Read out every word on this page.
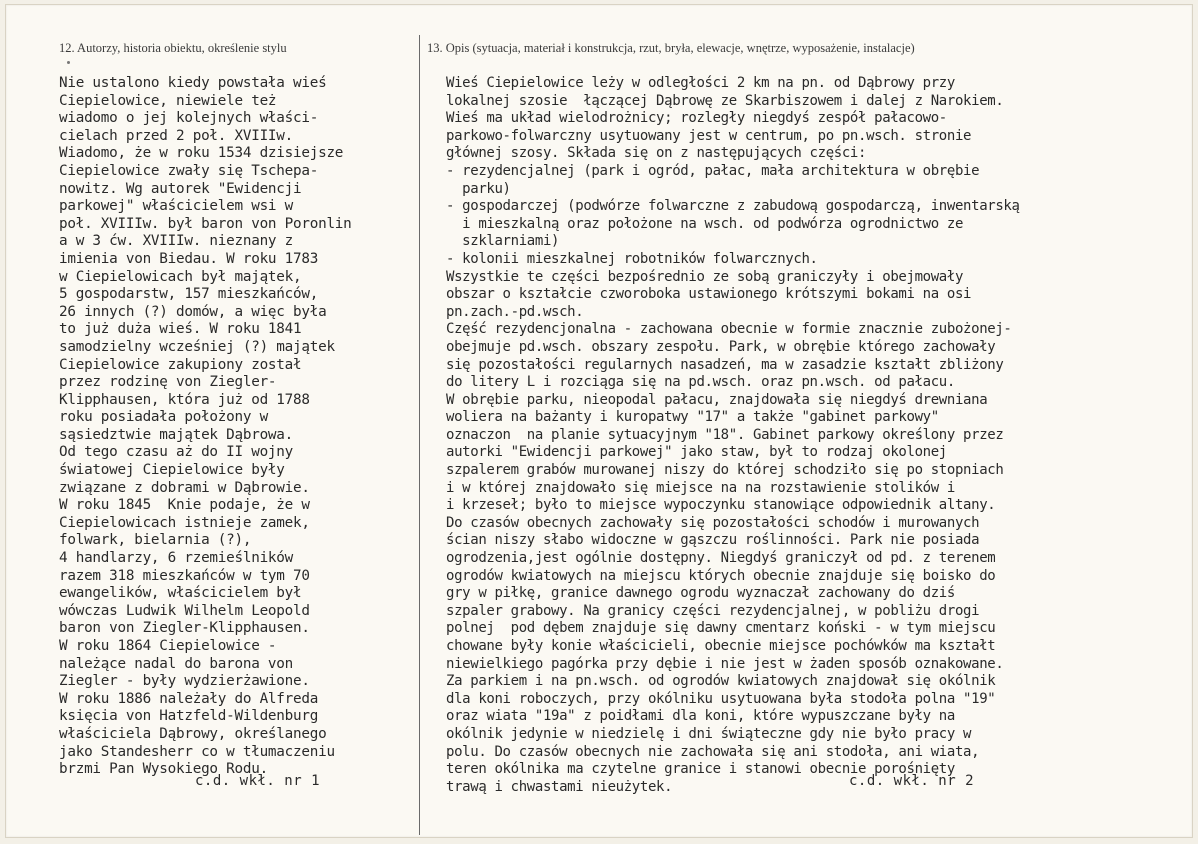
12. Autorzy, historia obiektu, określenie stylu	13. Opis (sytuacja, materiał i konstrukcja, rzut, bryła, elewacje, wnętrze, wyposażenie, instalacje)
Nie ustalono kiedy powstała wieś
Ciepielowice, niewiele też
wiadomo o jej kolejnych właści-
cielach przed 2 poł. XVIIIw.
Wiadomo, że w roku 1534 dzisiejsze
Ciepielowice zwały się Tschepa-
nowitz. Wg autorek "Ewidencji
parkowej" właścicielem wsi w
poł. XVIIIw. był baron von Poronlin
a w 3 ćw. XVIIIw. nieznany z
imienia von Biedau. W roku 1783
w Ciepielowicach był majątek,
5 gospodarstw, 157 mieszkańców,
26 innych (?) domów, a więc była
to już duża wieś. W roku 1841
samodzielny wcześniej (?) majątek
Ciepielowice zakupiony został
przez rodzinę von Ziegler-
Klipphausen, która już od 1788
roku posiadała położony w
sąsiedztwie majątek Dąbrowa.
Od tego czasu aż do II wojny
światowej Ciepielowice były
związane z dobrami w Dąbrowie.
W roku 1845  Knie podaje, że w
Ciepielowicach istnieje zamek,
folwark, bielarnia (?),
4 handlarzy, 6 rzemieślników
razem 318 mieszkańców w tym 70
ewangelików, właścicielem był
wówczas Ludwik Wilhelm Leopold
baron von Ziegler-Klipphausen.
W roku 1864 Ciepielowice -
należące nadal do barona von
Ziegler - były wydzierżawione.
W roku 1886 należały do Alfreda
księcia von Hatzfeld-Wildenburg
właściciela Dąbrowy, określanego
jako Standesherr co w tłumaczeniu
brzmi Pan Wysokiego Rodu.
Wieś Ciepielowice leży w odległości 2 km na pn. od Dąbrowy przy
lokalnej szosie  łączącej Dąbrowę ze Skarbiszowem i dalej z Narokiem.
Wieś ma układ wielodrożnicy; rozległy niegdyś zespół pałacowo-
parkowo-folwarczny usytuowany jest w centrum, po pn.wsch. stronie
głównej szosy. Składa się on z następujących części:
- rezydencjalnej (park i ogród, pałac, mała architektura w obrębie
parku)
- gospodarczej (podwórze folwarczne z zabudową gospodarczą, inwentarską
i mieszkalną oraz położone na wsch. od podwórza ogrodnictwo ze
szklarniami)
- kolonii mieszkalnej robotników folwarcznych.
Wszystkie te części bezpośrednio ze sobą graniczyły i obejmowały
obszar o kształcie czworoboka ustawionego krótszymi bokami na osi
pn.zach.-pd.wsch.
Część rezydencjonalna - zachowana obecnie w formie znacznie zubożonej-
obejmuje pd.wsch. obszary zespołu. Park, w obrębie którego zachowały
się pozostałości regularnych nasadzeń, ma w zasadzie kształt zbliżony
do litery L i rozciąga się na pd.wsch. oraz pn.wsch. od pałacu.
W obrębie parku, nieopodal pałacu, znajdowała się niegdyś drewniana
woliera na bażanty i kuropatwy "17" a także "gabinet parkowy"
oznaczon  na planie sytuacyjnym "18". Gabinet parkowy określony przez
autorki "Ewidencji parkowej" jako staw, był to rodzaj okolonej
szpalerem grabów murowanej niszy do której schodziło się po stopniach
i w której znajdowało się miejsce na na rozstawienie stolików i
i krzeseł; było to miejsce wypoczynku stanowiące odpowiednik altany.
Do czasów obecnych zachowały się pozostałości schodów i murowanych
ścian niszy słabo widoczne w gąszczu roślinności. Park nie posiada
ogrodzenia,jest ogólnie dostępny. Niegdyś graniczył od pd. z terenem
ogrodów kwiatowych na miejscu których obecnie znajduje się boisko do
gry w piłkę, granice dawnego ogrodu wyznaczał zachowany do dziś
szpaler grabowy. Na granicy części rezydencjalnej, w pobliżu drogi
polnej  pod dębem znajduje się dawny cmentarz koński - w tym miejscu
chowane były konie właścicieli, obecnie miejsce pochówków ma kształt
niewielkiego pagórka przy dębie i nie jest w żaden sposób oznakowane.
Za parkiem i na pn.wsch. od ogrodów kwiatowych znajdował się okólnik
dla koni roboczych, przy okólniku usytuowana była stodoła polna "19"
oraz wiata "19a" z poidłami dla koni, które wypuszczane były na
okólnik jedynie w niedzielę i dni świąteczne gdy nie było pracy w
polu. Do czasów obecnych nie zachowała się ani stodoła, ani wiata,
teren okólnika ma czytelne granice i stanowi obecnie porośnięty
trawą i chwastami nieużytek.
c.d. wkł. nr 1	c.d. wkł. nr 2
